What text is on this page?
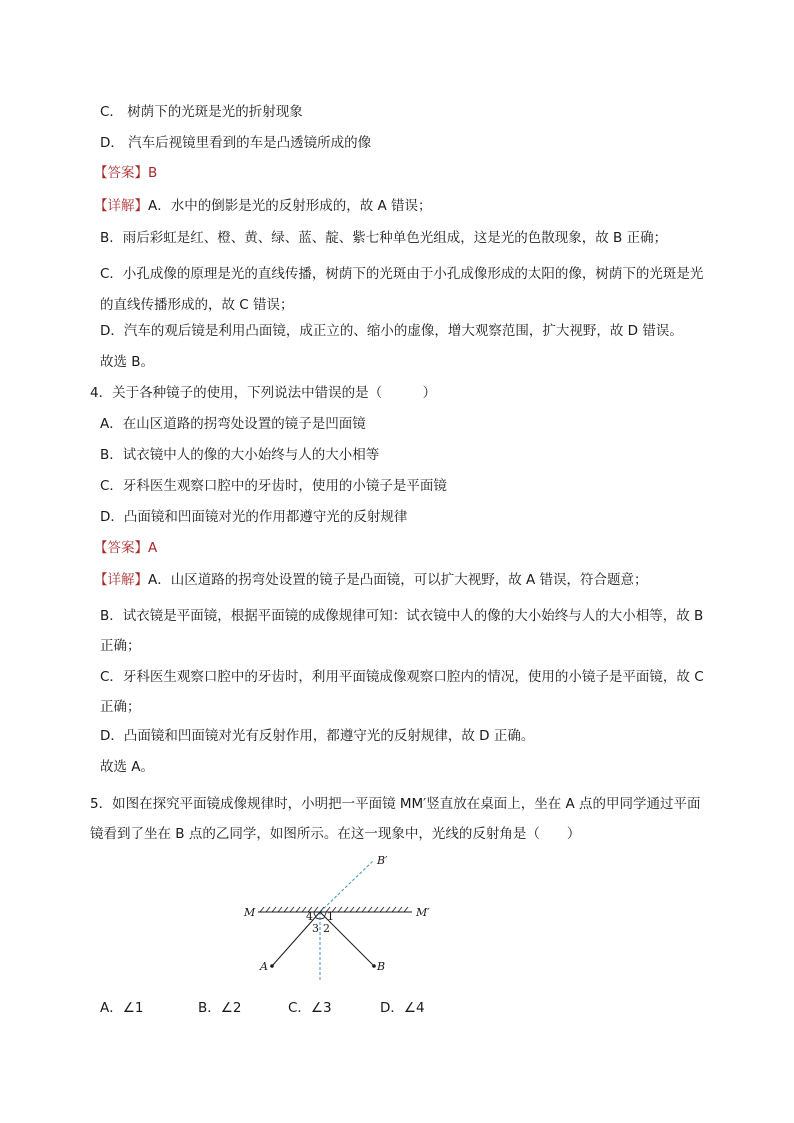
C． 树荫下的光斑是光的折射现象
D． 汽车后视镜里看到的车是凸透镜所成的像
【答案】B
【详解】A．水中的倒影是光的反射形成的，故 A 错误；
B．雨后彩虹是红、橙、黄、绿、蓝、靛、紫七种单色光组成，这是光的色散现象，故 B 正确；
C．小孔成像的原理是光的直线传播，树荫下的光斑由于小孔成像形成的太阳的像，树荫下的光斑是光的直线传播形成的，故 C 错误；
D．汽车的观后镜是利用凸面镜，成正立的、缩小的虚像，增大观察范围，扩大视野，故 D 错误。
故选 B。
4．关于各种镜子的使用，下列说法中错误的是（　　　）
A．在山区道路的拐弯处设置的镜子是凹面镜
B．试衣镜中人的像的大小始终与人的大小相等
C．牙科医生观察口腔中的牙齿时，使用的小镜子是平面镜
D．凸面镜和凹面镜对光的作用都遵守光的反射规律
【答案】A
【详解】A．山区道路的拐弯处设置的镜子是凸面镜，可以扩大视野，故 A 错误，符合题意；
B．试衣镜是平面镜，根据平面镜的成像规律可知：试衣镜中人的像的大小始终与人的大小相等，故 B 正确；
C．牙科医生观察口腔中的牙齿时，利用平面镜成像观察口腔内的情况，使用的小镜子是平面镜，故 C 正确；
D．凸面镜和凹面镜对光有反射作用，都遵守光的反射规律，故 D 正确。
故选 A。
5．如图在探究平面镜成像规律时，小明把一平面镜 MM′竖直放在桌面上，坐在 A 点的甲同学通过平面镜看到了坐在 B 点的乙同学，如图所示。在这一现象中，光线的反射角是（　　）
B′
M	M′
A	B
4 1
3 2
A．∠1	B．∠2	C．∠3	D．∠4
